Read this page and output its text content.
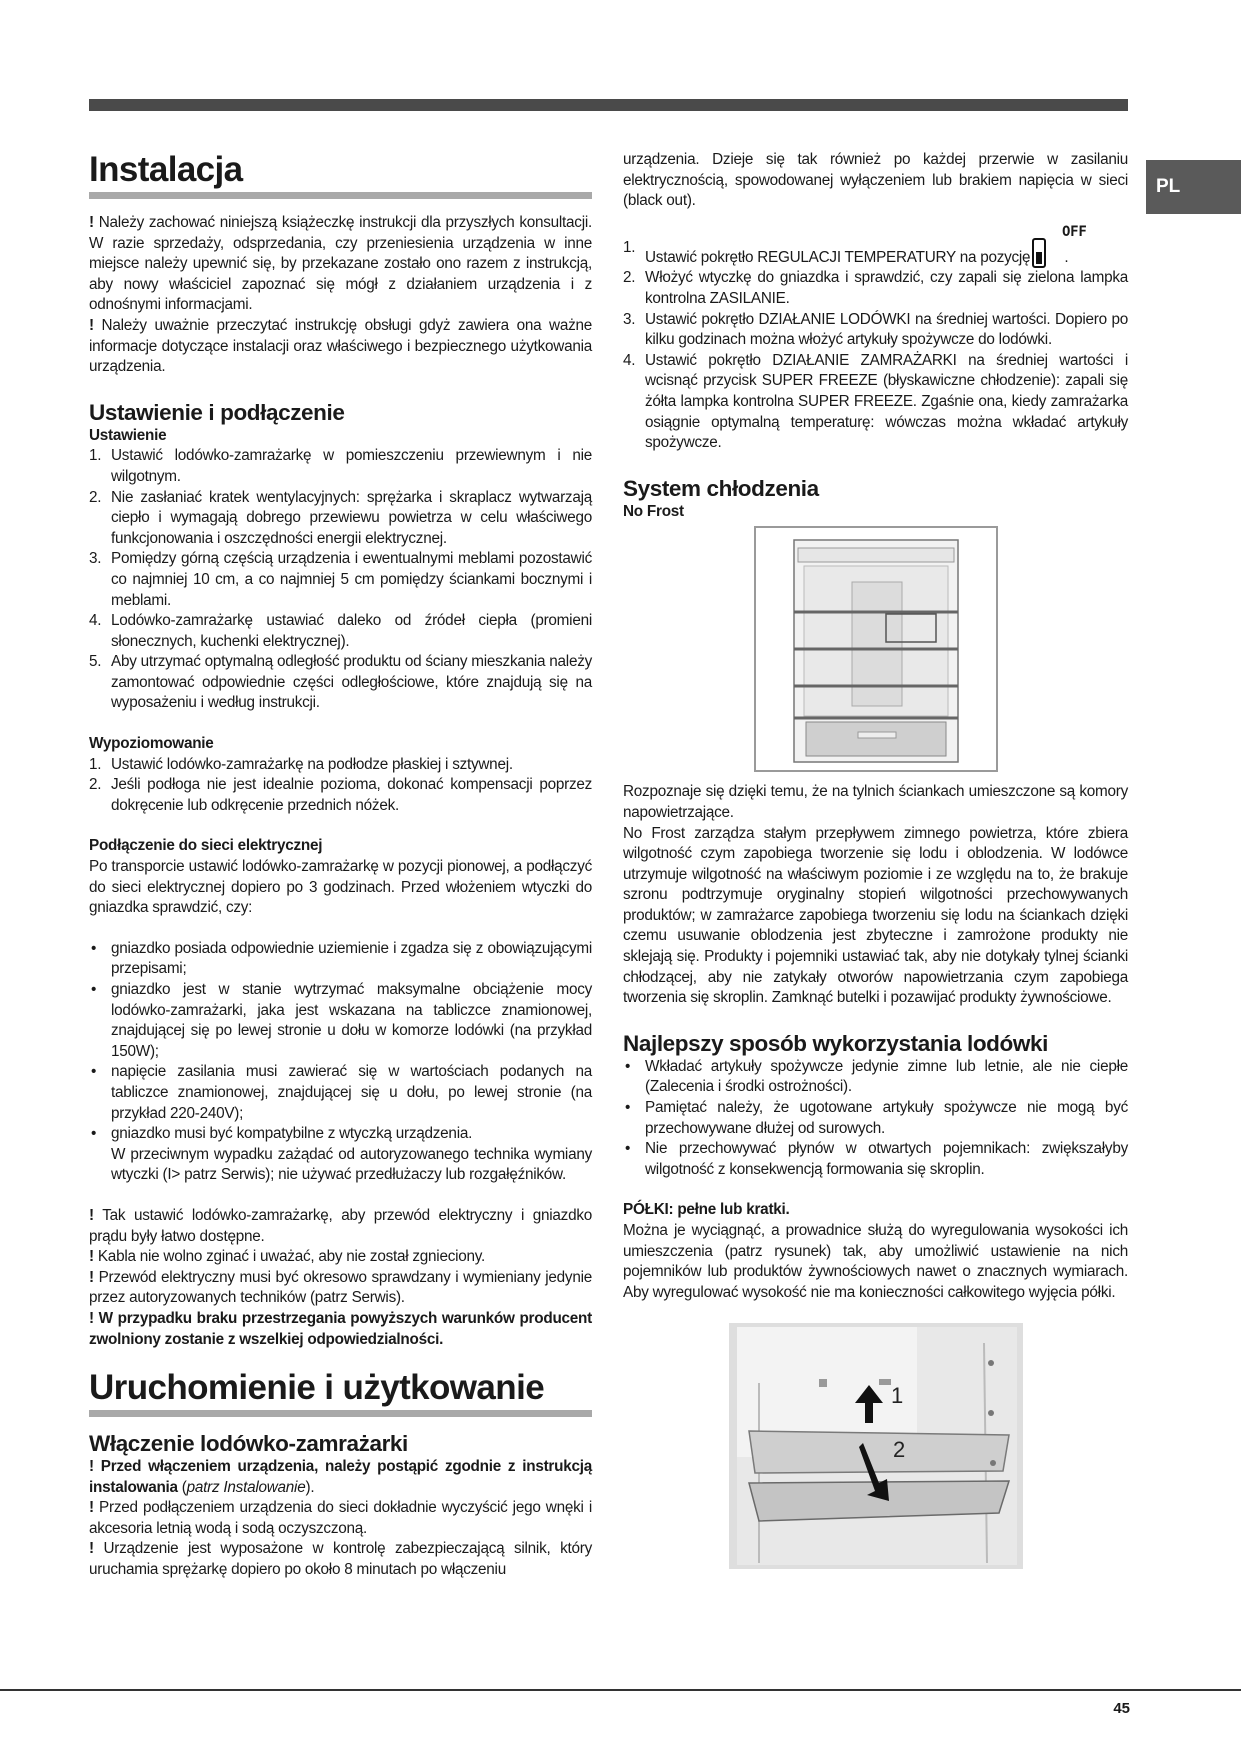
PL
Instalacja

! Należy zachować niniejszą książeczkę instrukcji dla przyszłych konsultacji. W razie sprzedaży, odsprzedania, czy przeniesienia urządzenia w inne miejsce należy upewnić się, by przekazane zostało ono razem z instrukcją, aby nowy właściciel zapoznać się mógł z działaniem urządzenia i z odnośnymi informacjami.

! Należy uważnie przeczytać instrukcję obsługi gdyż zawiera ona ważne informacje dotyczące instalacji oraz właściwego i bezpiecznego użytkowania urządzenia.

Ustawienie i podłączenie
Ustawienie
1. Ustawić lodówko-zamrażarkę w pomieszczeniu przewiewnym i nie wilgotnym.
2. Nie zasłaniać kratek wentylacyjnych: sprężarka i skraplacz wytwarzają ciepło i wymagają dobrego przewiewu powietrza w celu właściwego funkcjonowania i oszczędności energii elektrycznej.
3. Pomiędzy górną częścią urządzenia i ewentualnymi meblami pozostawić co najmniej 10 cm, a co najmniej 5 cm pomiędzy ściankami bocznymi i meblami.
4. Lodówko-zamrażarkę ustawiać daleko od źródeł ciepła (promieni słonecznych, kuchenki elektrycznej).
5. Aby utrzymać optymalną odległość produktu od ściany mieszkania należy zamontować odpowiednie części odległościowe, które znajdują się na wyposażeniu i według instrukcji.
Wypoziomowanie
1. Ustawić lodówko-zamrażarkę na podłodze płaskiej i sztywnej.
2. Jeśli podłoga nie jest idealnie pozioma, dokonać kompensacji poprzez dokręcenie lub odkręcenie przednich nóżek.
Podłączenie do sieci elektrycznej

Po transporcie ustawić lodówko-zamrażarkę w pozycji pionowej, a podłączyć do sieci elektrycznej dopiero po 3 godzinach. Przed włożeniem wtyczki do gniazdka sprawdzić, czy:

• gniazdko posiada odpowiednie uziemienie i zgadza się z obowiązującymi przepisami;
• gniazdko jest w stanie wytrzymać maksymalne obciążenie mocy lodówko-zamrażarki, jaka jest wskazana na tabliczce znamionowej, znajdującej się po lewej stronie u dołu w komorze lodówki (na przykład 150W);
• napięcie zasilania musi zawierać się w wartościach podanych na tabliczce znamionowej, znajdującej się u dołu, po lewej stronie (na przykład 220-240V);
• gniazdko musi być kompatybilne z wtyczką urządzenia.
W przeciwnym wypadku zażądać od autoryzowanego technika wymiany wtyczki (I> patrz Serwis); nie używać przedłużaczy lub rozgałęźników.

! Tak ustawić lodówko-zamrażarkę, aby przewód elektryczny i gniazdko prądu były łatwo dostępne.

! Kabla nie wolno zginać i uważać, aby nie został zgnieciony.

! Przewód elektryczny musi być okresowo sprawdzany i wymieniany jedynie przez autoryzowanych techników (patrz Serwis).

! W przypadku braku przestrzegania powyższych warunków producent zwolniony zostanie z wszelkiej odpowiedzialności.

Uruchomienie i użytkowanie
Włączenie lodówko-zamrażarki

! Przed włączeniem urządzenia, należy postąpić zgodnie z instrukcją instalowania (patrz Instalowanie).

! Przed podłączeniem urządzenia do sieci dokładnie wyczyścić jego wnęki i akcesoria letnią wodą i sodą oczyszczoną.

! Urządzenie jest wyposażone w kontrolę zabezpieczającą silnik, który uruchamia sprężarkę dopiero po około 8 minutach po włączeniu

urządzenia. Dzieje się tak również po każdej przerwie w zasilaniu elektrycznością, spowodowanej wyłączeniem lub brakiem napięcia w sieci (black out).

OFF
1.
Ustawić pokrętło REGULACJI TEMPERATURY na pozycję .
2. Włożyć wtyczkę do gniazdka i sprawdzić, czy zapali się zielona lampka kontrolna ZASILANIE.
3. Ustawić pokrętło DZIAŁANIE LODÓWKI na średniej wartości. Dopiero po kilku godzinach można włożyć artykuły spożywcze do lodówki.
4. Ustawić pokrętło DZIAŁANIE ZAMRAŻARKI na średniej wartości i wcisnąć przycisk SUPER FREEZE (błyskawiczne chłodzenie): zapali się żółta lampka kontrolna SUPER FREEZE. Zgaśnie ona, kiedy zamrażarka osiągnie optymalną temperaturę: wówczas można wkładać artykuły spożywcze.
System chłodzenia
No Frost

Rozpoznaje się dzięki temu, że na tylnich ściankach umieszczone są komory napowietrzające.

No Frost zarządza stałym przepływem zimnego powietrza, które zbiera wilgotność czym zapobiega tworzenie się lodu i oblodzenia. W lodówce utrzymuje wilgotność na właściwym poziomie i ze względu na to, że brakuje szronu podtrzymuje oryginalny stopień wilgotności przechowywanych produktów; w zamrażarce zapobiega tworzeniu się lodu na ściankach dzięki czemu usuwanie oblodzenia jest zbyteczne i zamrożone produkty nie sklejają się. Produkty i pojemniki ustawiać tak, aby nie dotykały tylnej ścianki chłodzącej, aby nie zatykały otworów napowietrzania czym zapobiega tworzenia się skroplin. Zamknąć butelki i pozawijać produkty żywnościowe.

Najlepszy sposób wykorzystania lodówki
• Wkładać artykuły spożywcze jedynie zimne lub letnie, ale nie ciepłe (Zalecenia i środki ostrożności).
• Pamiętać należy, że ugotowane artykuły spożywcze nie mogą być przechowywane dłużej od surowych.
• Nie przechowywać płynów w otwartych pojemnikach: zwiększałyby wilgotność z konsekwencją formowania się skroplin.
PÓŁKI: pełne lub kratki.

Można je wyciągnąć, a prowadnice służą do wyregulowania wysokości ich umieszczenia (patrz rysunek) tak, aby umożliwić ustawienie na nich pojemników lub produktów żywnościowych nawet o znacznych wymiarach. Aby wyregulować wysokość nie ma konieczności całkowitego wyjęcia półki.

1
2
45
